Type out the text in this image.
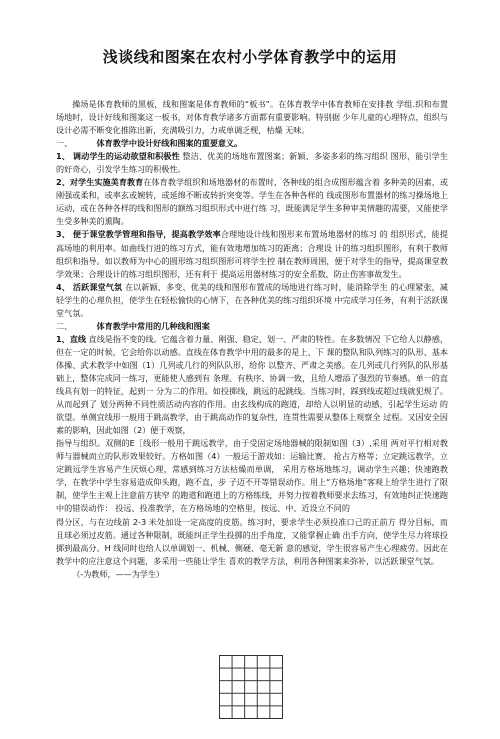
浅谈线和图案在农村小学体育教学中的运用

操场是体育教师的黑板，线和图案是体育教师的“板书”。在体育教学中体育教师在安排教 学组.织和布置场地时，设计好线和图案这一板书，对体育教学诸多方面都有重要影响。特别据 少年儿童的心理特点，组织与设计必需不断变化推陈出新，充满吸引力，力戒单调乏枧，枯燥 无味。

一、	体育教学中设计好线和图案的重要意义。

1、 调动学生的运动欲望和积极性 整洁、优美的场地布置图案；新颖、多姿多彩的练习组织 图形，能引学生的好奇心，引发学生练习的积极性。

2、对学生实施美育教育在体育教学组织和场地器材的布置时，各种线的组合成图形蕴含着 多种美的因素，或刚强或柔和，或率玄或婉转，或延绵不断或转折突变等。学生在各种各样的 线或图形布置器材的练习操场地上运动，或在各种各样的线和图形的额练习组织形式中进行练 习，既能满足学生多种审美情趣的需要，又能使学生受多种美的熏陶。

3、 便于课堂教学管理和指导，提高教学效率合理地设计线和图形来布置场地器材的练习 的 组织形式，能提高场地的利用率。如曲线行进的练习方式，能有效地增加练习的距离；合理设 计的练习组织图形，有利于教师组织和指导。如以教师为中心的圆形练习组织图形可将学生控 制在教师周围，便于对学生的指导，提高课堂教学效果；合理设计的练习组织图形，还有利于 提高运用器材练习的安全系数，防止伤害事故发生。

4、 活跃课堂气氛 在以新颖、多变、优美的线和图形布置成的场地进行练习时，能消除学生 的心理紧张，减轻学生的心理负担，使学生在轻松愉快的心情下，在各种优美的练习组织环境 中完成学习任务，有利于活跃课堂气氛。

二、	体育教学中常用的几种线和图案

1、直线 直线是指不变的线。它蕴含着力量、刚强、稳定、划一、严肃的特性。在多数情况 下它给人以静感，但在一定的时候，它会给你以动感。直线在体育教学中用的最多的是上、下 课的整队和队列练习的队形、基本体操、武术教学中如图（1）几列或几行的列队队形，给你 以整齐、严肃之美感。在几列或几行列队的队形基础上，整体完成同一练习，更能使人感到有 条理、有秩序、协调一致，且给人增添了强烈的节奏感。单一的直线具有划一的特征，起到一 分为二的作用。如投掷线，跳远的起跳线。当练习时，踩到线或超过线就犯规了。从而起到了 划分两种不同性质活动内容的作用。由玄线构成的跑道，却给人以明显的动感，引起学生运动 的欲望。单侧宜线形一般用于跳高教学，由于跳高动作的复杂性，连贯性需要从整体上观察全 过程。又因安全因素的影响，因此如图（2）便于观察，

指导与组织。双侧的E［线形一般用于跳远教学，由于受固定场地器械的限制如图（3）,采用 两对平行相对教师与器械而立的队形效果较好。方格如图（4）一般运于游戏如：运输比赛、 抢占方格等；立定跳远教学，立定跳远学生容易产生厌烦心理，常感到练习方法枯燥而单调， 采用方格场地练习，调动学生兴趣；快速跑教学，在教学中学生容易造成仰头跑，跑不直，步 子迈不开等错误动作。用上“方格场地”客观上给学生进行了限制，使学生主观上注意前方狭窄 的跑道和跑道上的方格练线，并努力按着教师要求去练习，有效地纠正快速跑中的错误动作： 投远、投准教学，在方格场地的空格里，按远、中、近设立不同的

得分区，与在边线前 2-3 米处加设一定高度的皮筋。练习时，要求学生必须投准口己的正前方 得分目标，而且球必须过皮筋。通过各种限制，既能纠正学生投掷的出手角度，又能掌握止确 出手方向，使学生尽力将球投掷到最高分。H 线同时也给人以单调划一、机械、侧硬、毫无新 意的感觉，学生很容易产生心理疲劳。因此在教学中的应注意这个问题，多采用一些能让学生 喜欢的教学方法，利用各种图案来弥补，以活跃课堂气氛。

（-为教师，——为学生）
